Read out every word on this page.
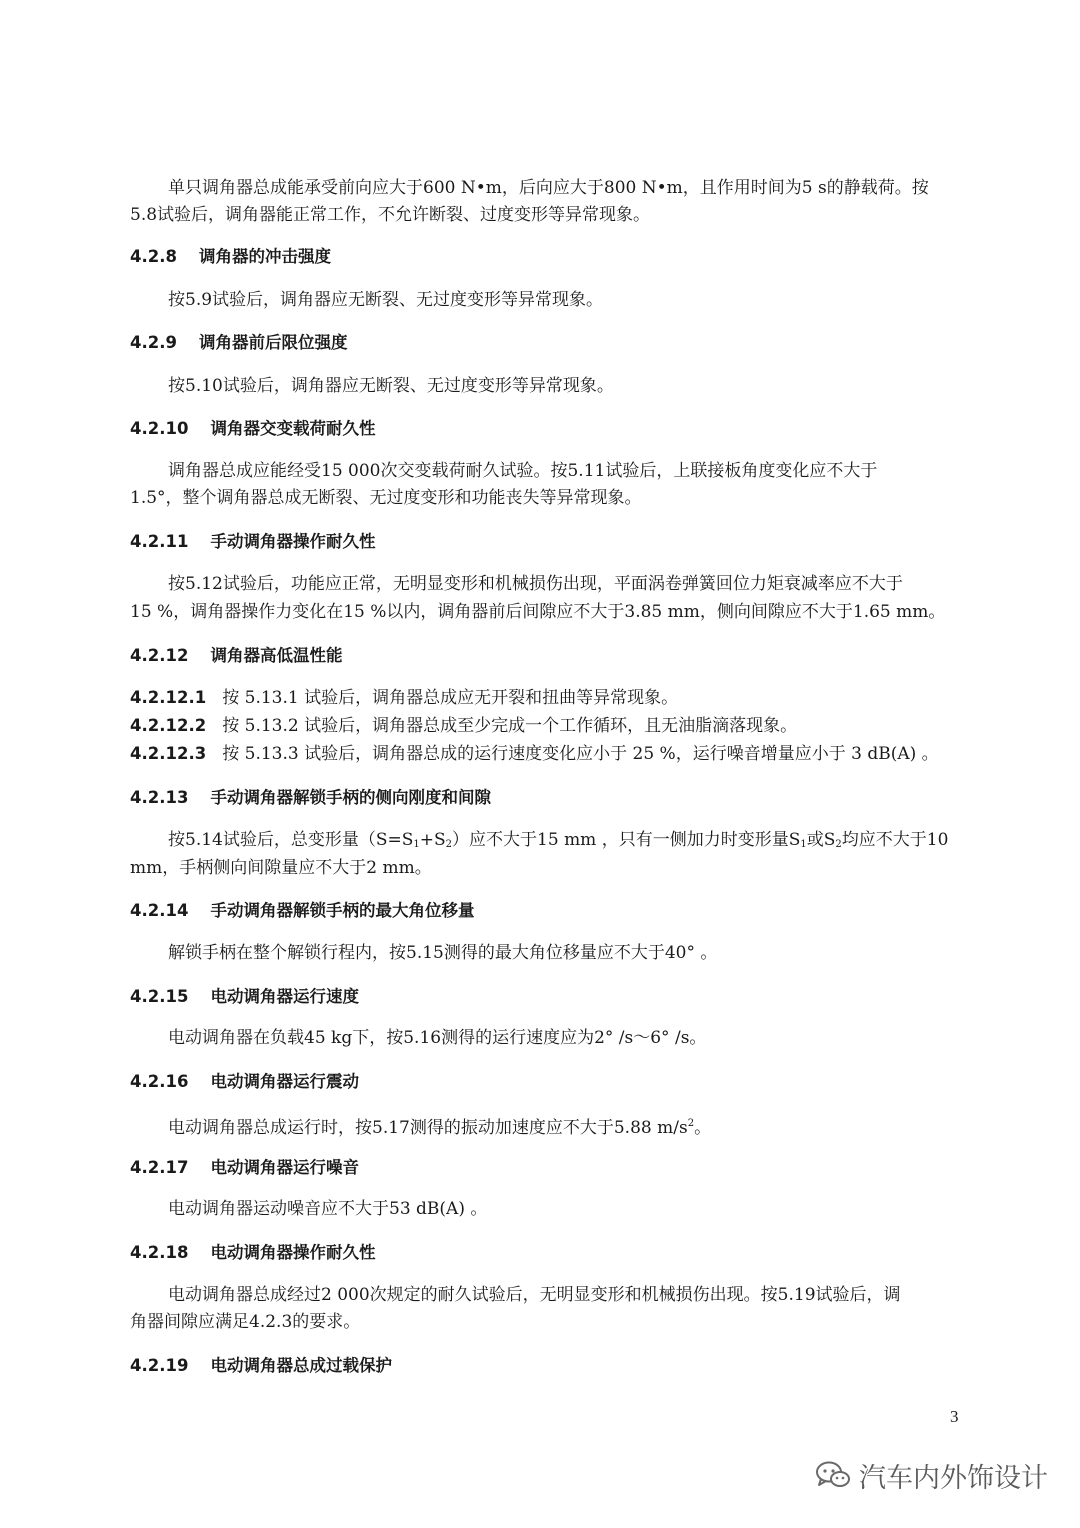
单只调角器总成能承受前向应大于600 N•m，后向应大于800 N•m，且作用时间为5 s的静载荷。按
5.8试验后，调角器能正常工作，不允许断裂、过度变形等异常现象。
4.2.8 调角器的冲击强度
按5.9试验后，调角器应无断裂、无过度变形等异常现象。
4.2.9 调角器前后限位强度
按5.10试验后，调角器应无断裂、无过度变形等异常现象。
4.2.10 调角器交变载荷耐久性
调角器总成应能经受15 000次交变载荷耐久试验。按5.11试验后，上联接板角度变化应不大于
1.5°，整个调角器总成无断裂、无过度变形和功能丧失等异常现象。
4.2.11 手动调角器操作耐久性
按5.12试验后，功能应正常，无明显变形和机械损伤出现，平面涡卷弹簧回位力矩衰减率应不大于
15 %，调角器操作力变化在15 %以内，调角器前后间隙应不大于3.85 mm，侧向间隙应不大于1.65 mm。
4.2.12 调角器高低温性能
4.2.12.1 按 5.13.1 试验后，调角器总成应无开裂和扭曲等异常现象。
4.2.12.2 按 5.13.2 试验后，调角器总成至少完成一个工作循环，且无油脂滴落现象。
4.2.12.3 按 5.13.3 试验后，调角器总成的运行速度变化应小于 25 %，运行噪音增量应小于 3 dB(A) 。
4.2.13 手动调角器解锁手柄的侧向刚度和间隙
按5.14试验后，总变形量$(S=S_1+S_2)$应不大于15 mm ，只有一侧加力时变形量$S_1$或$S_2$均应不大于10
mm，手柄侧向间隙量应不大于2 mm。
4.2.14 手动调角器解锁手柄的最大角位移量
解锁手柄在整个解锁行程内，按5.15测得的最大角位移量应不大于40° 。
4.2.15 电动调角器运行速度
电动调角器在负载45 kg下，按5.16测得的运行速度应为2° /s～6° /s。
4.2.16 电动调角器运行震动
电动调角器总成运行时，按5.17测得的振动加速度应不大于5.88 $m/s^2$。
4.2.17 电动调角器运行噪音
电动调角器运动噪音应不大于53 dB(A) 。
4.2.18 电动调角器操作耐久性
电动调角器总成经过2 000次规定的耐久试验后，无明显变形和机械损伤出现。按5.19试验后，调
角器间隙应满足4.2.3的要求。
4.2.19 电动调角器总成过载保护
3
汽车内外饰设计
